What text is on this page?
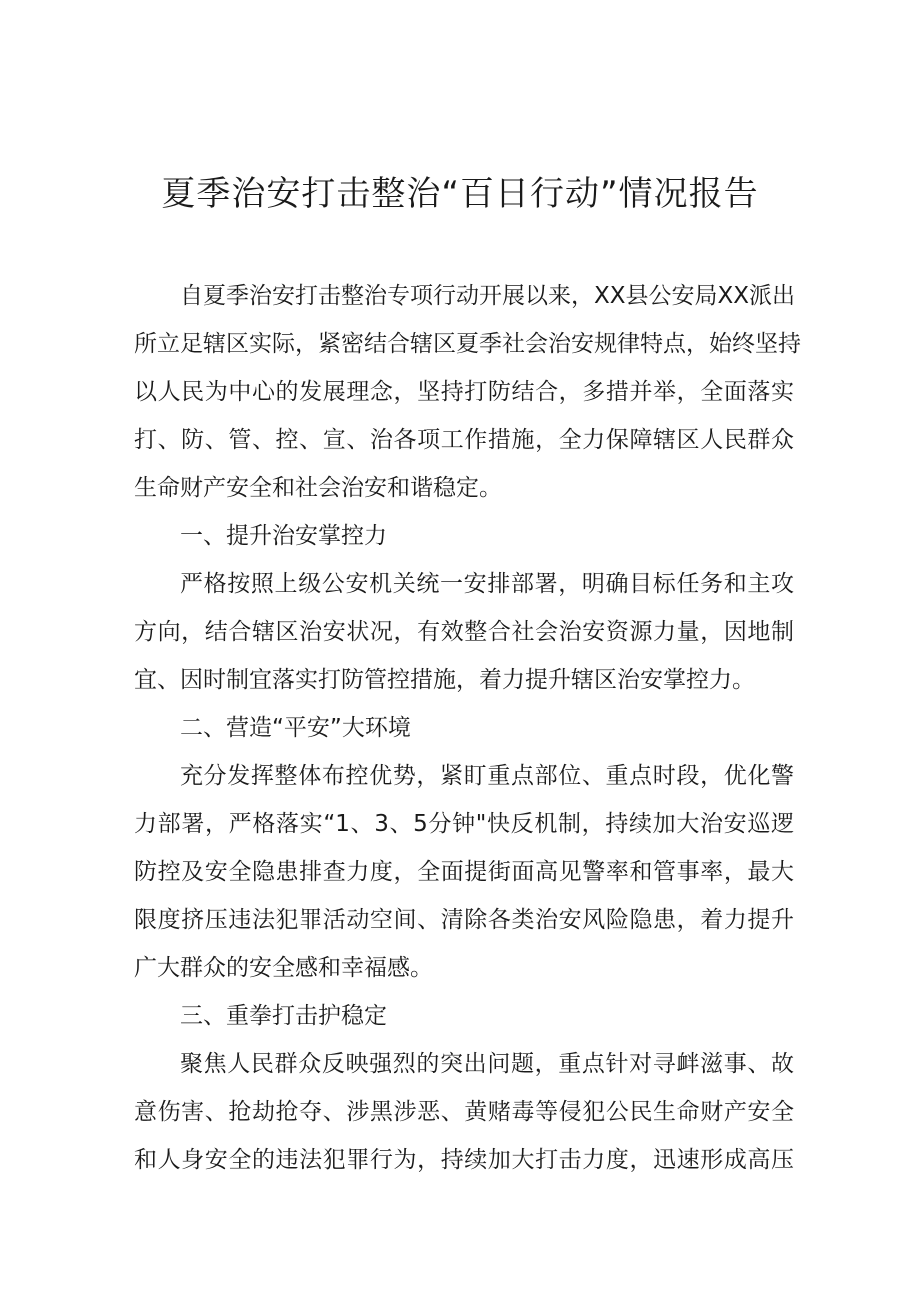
夏季治安打击整治“百日行动”情况报告
自夏季治安打击整治专项行动开展以来，XX县公安局XX派出
所立足辖区实际，紧密结合辖区夏季社会治安规律特点，始终坚持
以人民为中心的发展理念，坚持打防结合，多措并举，全面落实
打、防、管、控、宣、治各项工作措施，全力保障辖区人民群众
生命财产安全和社会治安和谐稳定。
一、提升治安掌控力
严格按照上级公安机关统一安排部署，明确目标任务和主攻
方向，结合辖区治安状况，有效整合社会治安资源力量，因地制
宜、因时制宜落实打防管控措施，着力提升辖区治安掌控力。
二、营造“平安”大环境
充分发挥整体布控优势，紧盯重点部位、重点时段，优化警
力部署，严格落实“1、3、5分钟"快反机制，持续加大治安巡逻
防控及安全隐患排查力度，全面提街面高见警率和管事率，最大
限度挤压违法犯罪活动空间、清除各类治安风险隐患，着力提升
广大群众的安全感和幸福感。
三、重拳打击护稳定
聚焦人民群众反映强烈的突出问题，重点针对寻衅滋事、故
意伤害、抢劫抢夺、涉黑涉恶、黄赌毒等侵犯公民生命财产安全
和人身安全的违法犯罪行为，持续加大打击力度，迅速形成高压
